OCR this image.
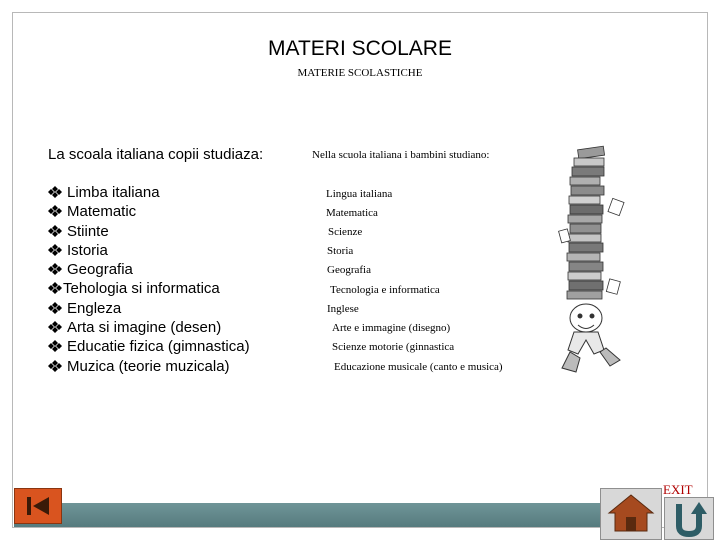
MATERI SCOLARE
MATERIE SCOLASTICHE
La scoala italiana copii studiaza:	Nella scuola italiana i bambini studiano:
Limba italiana
Matematic
Stiinte
Istoria
Geografia
Tehologia si informatica
Engleza
Arta si imagine (desen)
Educatie fizica (gimnastica)
Muzica (teorie muzicala)
Lingua italiana
Matematica
Scienze
Storia
Geografia
Tecnologia e informatica
Inglese
Arte e immagine (disegno)
Scienze motorie (ginnastica
Educazione musicale (canto e musica)
EXIT
